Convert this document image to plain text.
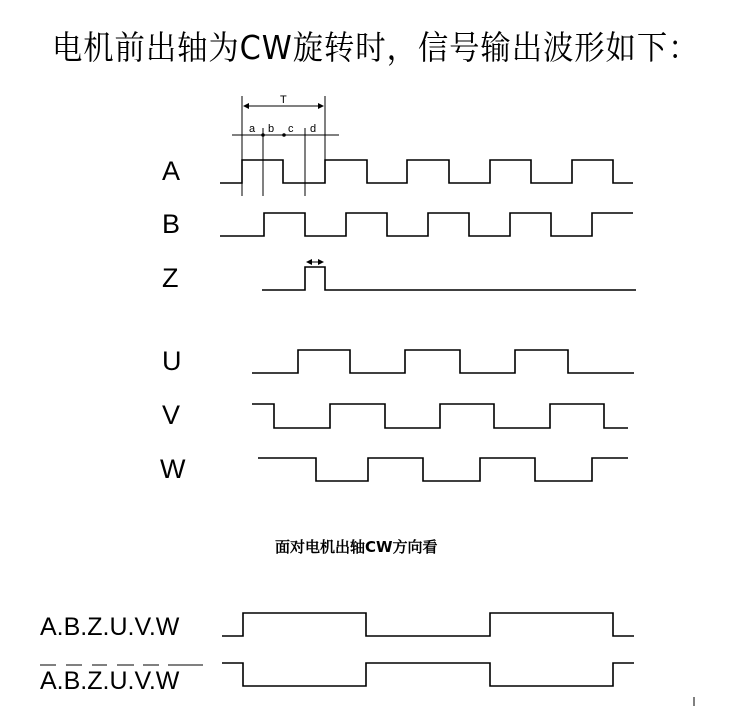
电机前出轴为CW旋转时，信号输出波形如下：
T
a b c d
A
B
Z
U
V
W
面对电机出轴CW方向看
A.B.Z.U.V.W
A.B.Z.U.V.W
